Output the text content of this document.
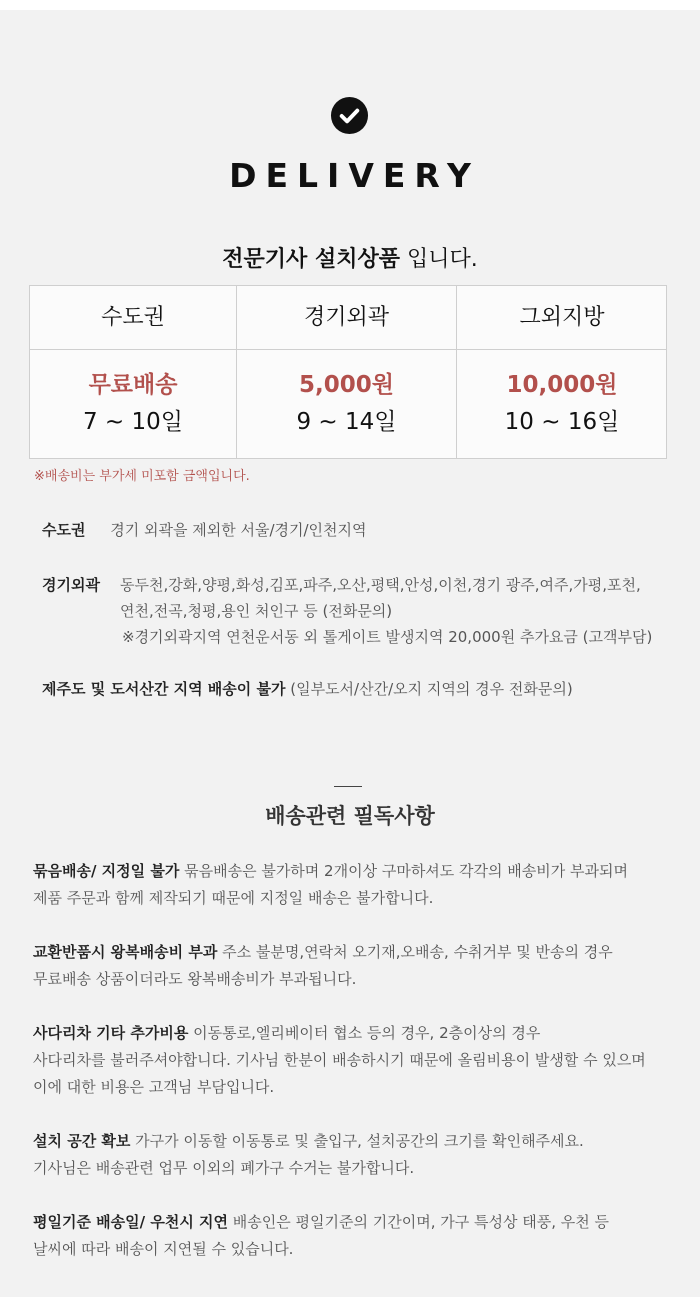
DELIVERY
전문기사 설치상품 입니다.
수도권	경기외곽	그외지방
무료배송
7 ~ 10일
5,000원
9 ~ 14일
10,000원
10 ~ 16일
※배송비는 부가세 미포함 금액입니다.
수도권 경기 외곽을 제외한 서울/경기/인천지역
경기외곽 동두천,강화,양평,화성,김포,파주,오산,평택,안성,이천,경기 광주,여주,가평,포천,
연천,전곡,청평,용인 처인구 등 (전화문의)
※경기외곽지역 연천운서동 외 톨게이트 발생지역 20,000원 추가요금 (고객부담)
제주도 및 도서산간 지역 배송이 불가 (일부도서/산간/오지 지역의 경우 전화문의)
배송관련 필독사항
묶음배송/ 지정일 불가 묶음배송은 불가하며 2개이상 구마하셔도 각각의 배송비가 부과되며
제품 주문과 함께 제작되기 때문에 지정일 배송은 불가합니다.
교환반품시 왕복배송비 부과 주소 불분명,연락처 오기재,오배송, 수취거부 및 반송의 경우
무료배송 상품이더라도 왕복배송비가 부과됩니다.
사다리차 기타 추가비용 이동통로,엘리베이터 협소 등의 경우, 2층이상의 경우
사다리차를 불러주셔야합니다. 기사님 한분이 배송하시기 때문에 올림비용이 발생할 수 있으며
이에 대한 비용은 고객님 부담입니다.
설치 공간 확보 가구가 이동할 이동통로 및 출입구, 설치공간의 크기를 확인해주세요.
기사님은 배송관련 업무 이외의 폐가구 수거는 불가합니다.
평일기준 배송일/ 우천시 지연 배송인은 평일기준의 기간이며, 가구 특성상 태풍, 우천 등
날씨에 따라 배송이 지연될 수 있습니다.
